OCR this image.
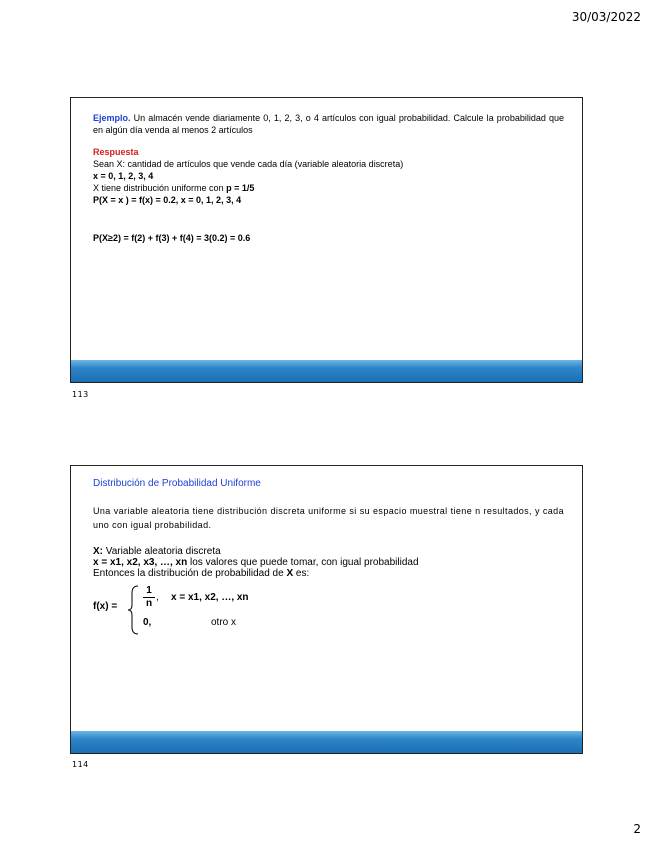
30/03/2022

Ejemplo. Un almacén vende diariamente 0, 1, 2, 3, o 4 artículos con igual probabilidad. Calcule la probabilidad que en algún día venda al menos 2 artículos

Respuesta

Sean X: cantidad de artículos que vende cada día (variable aleatoria discreta)

x = 0, 1, 2, 3, 4

X tiene distribución uniforme con p = 1/5

P(X = x ) = f(x) = 0.2, x = 0, 1, 2, 3, 4

P(X≥2) = f(2) + f(3) + f(4) = 3(0.2) = 0.6

113
Distribución de Probabilidad Uniforme
Una variable aleatoria tiene distribución discreta uniforme si su espacio muestral tiene n resultados, y cada uno con igual probabilidad.

X: Variable aleatoria discreta

x = x1, x2, x3, …, xn los valores que puede tomar, con igual probabilidad

Entonces la distribución de probabilidad de X es:

f(x) =	$\frac{1}{n}$ , x = x1, x2, …, xn
0,	otro x
114
2
